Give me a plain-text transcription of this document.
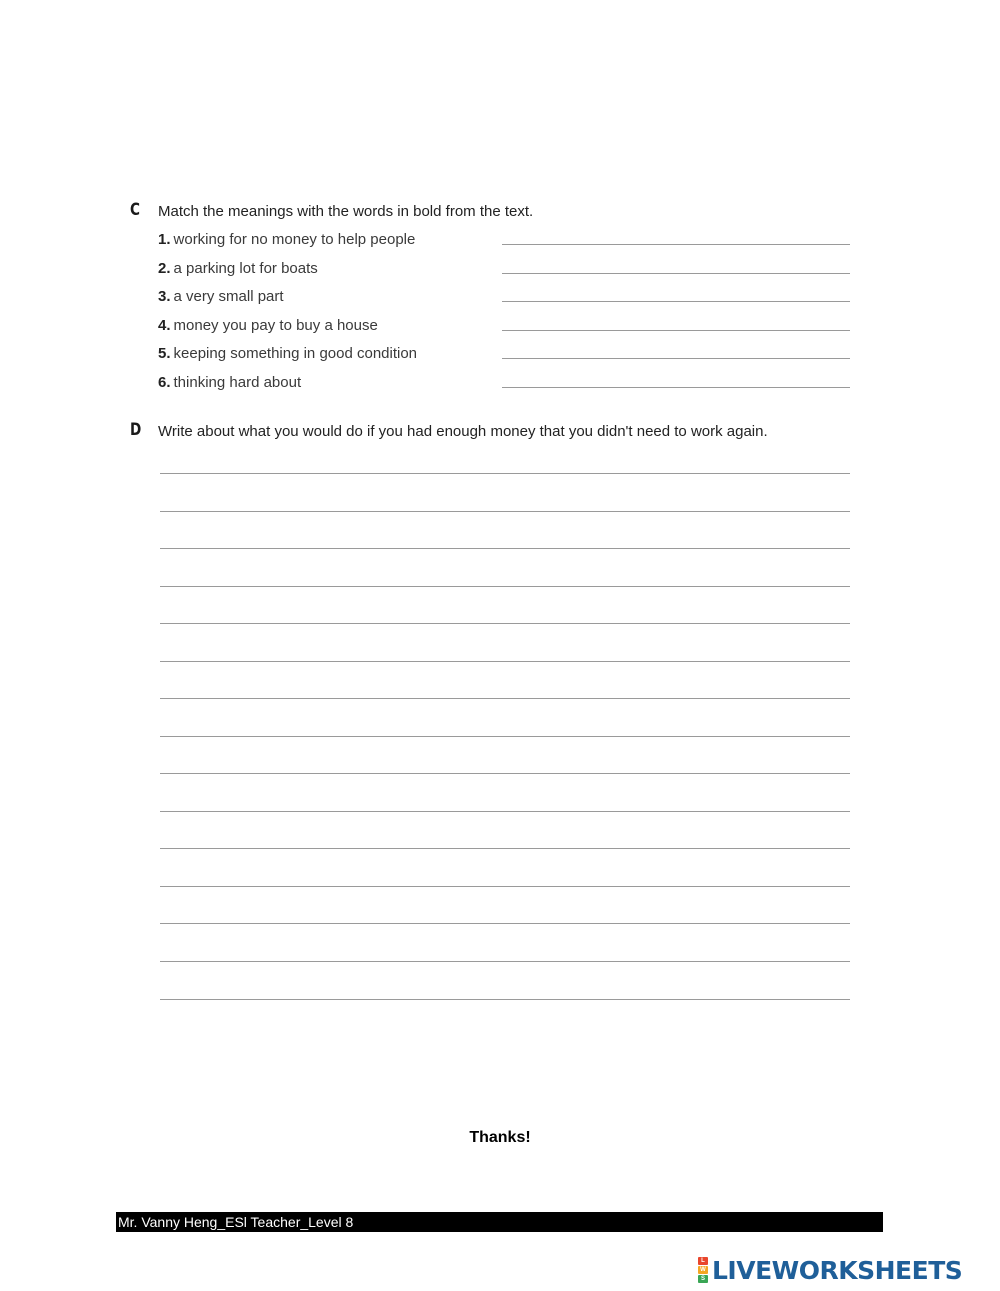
C Match the meanings with the words in bold from the text.
1. working for no money to help people
2. a parking lot for boats
3. a very small part
4. money you pay to buy a house
5. keeping something in good condition
6. thinking hard about
D Write about what you would do if you had enough money that you didn't need to work again.
Thanks!
Mr. Vanny Heng_ESl Teacher_Level 8
L
W
S LIVEWORKSHEETS
